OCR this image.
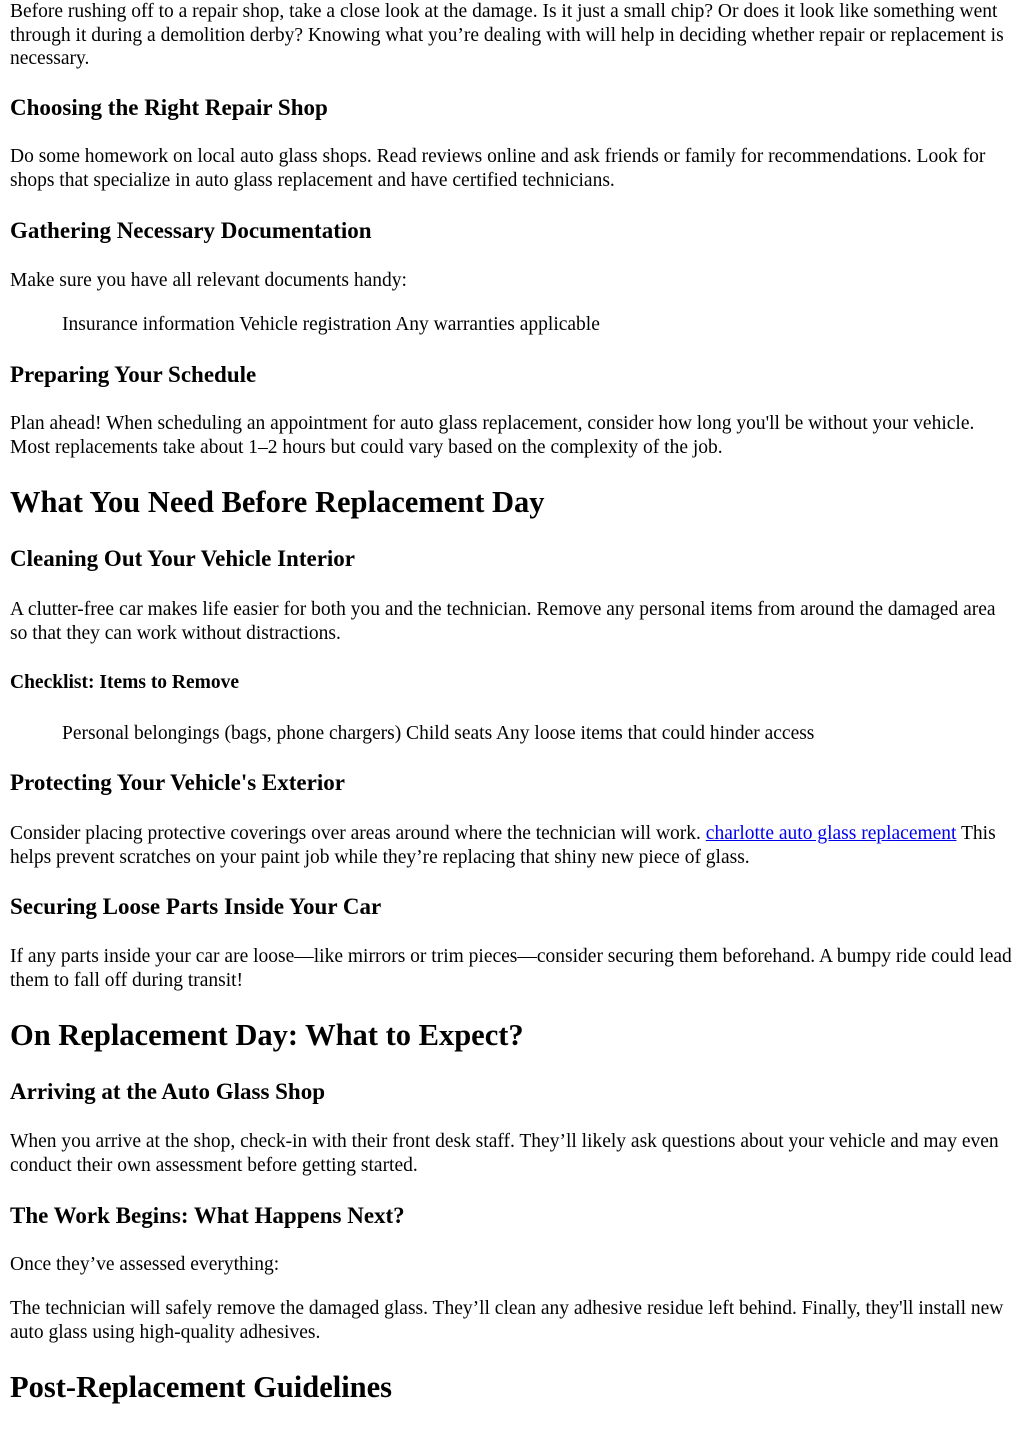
Before rushing off to a repair shop, take a close look at the damage. Is it just a small chip? Or does it look like something went through it during a demolition derby? Knowing what you’re dealing with will help in deciding whether repair or replacement is necessary.

Choosing the Right Repair Shop

Do some homework on local auto glass shops. Read reviews online and ask friends or family for recommendations. Look for shops that specialize in auto glass replacement and have certified technicians.

Gathering Necessary Documentation

Make sure you have all relevant documents handy:

Insurance information Vehicle registration Any warranties applicable

Preparing Your Schedule

Plan ahead! When scheduling an appointment for auto glass replacement, consider how long you'll be without your vehicle. Most replacements take about 1–2 hours but could vary based on the complexity of the job.

What You Need Before Replacement Day
Cleaning Out Your Vehicle Interior

A clutter-free car makes life easier for both you and the technician. Remove any personal items from around the damaged area so that they can work without distractions.

Checklist: Items to Remove

Personal belongings (bags, phone chargers) Child seats Any loose items that could hinder access

Protecting Your Vehicle's Exterior

Consider placing protective coverings over areas around where the technician will work. charlotte auto glass replacement This helps prevent scratches on your paint job while they’re replacing that shiny new piece of glass.

Securing Loose Parts Inside Your Car

If any parts inside your car are loose—like mirrors or trim pieces—consider securing them beforehand. A bumpy ride could lead them to fall off during transit!

On Replacement Day: What to Expect?
Arriving at the Auto Glass Shop

When you arrive at the shop, check-in with their front desk staff. They’ll likely ask questions about your vehicle and may even conduct their own assessment before getting started.

The Work Begins: What Happens Next?

Once they’ve assessed everything:

The technician will safely remove the damaged glass. They’ll clean any adhesive residue left behind. Finally, they'll install new auto glass using high-quality adhesives.

Post-Replacement Guidelines
